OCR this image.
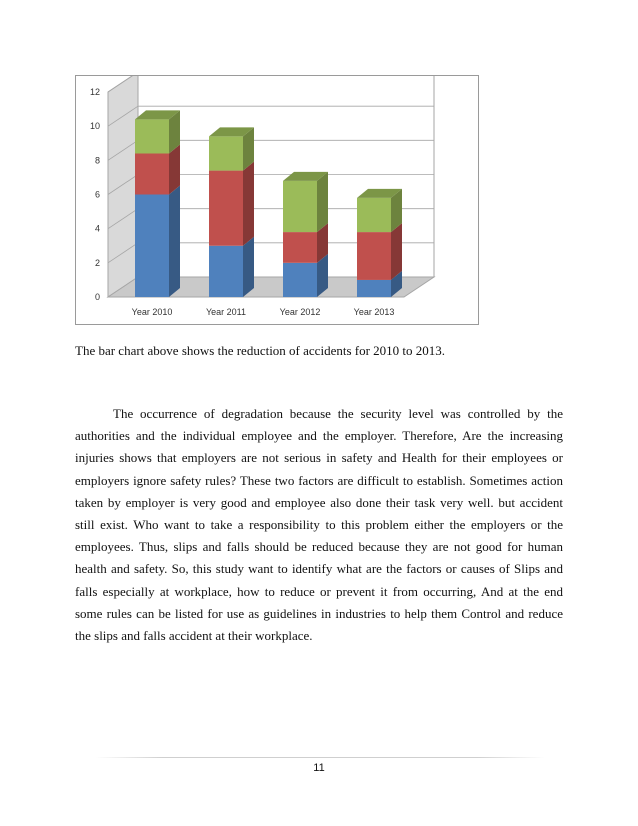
0
2
4
6
8
10
12
Year 2010	Year 2011	Year 2012	Year 2013
The bar chart above shows the reduction of accidents for 2010 to 2013.
The occurrence of degradation because the security level was controlled by the authorities and the individual employee and the employer. Therefore, Are the increasing injuries shows that employers are not serious in safety and Health for their employees or employers ignore safety rules? These two factors are difficult to establish. Sometimes action taken by employer is very good and employee also done their task very well. but accident still exist. Who want to take a responsibility to this problem either the employers or the employees. Thus, slips and falls should be reduced because they are not good for human health and safety. So, this study want to identify what are the factors or causes of Slips and falls especially at workplace, how to reduce or prevent it from occurring, And at the end some rules can be listed for use as guidelines in industries to help them Control and reduce the slips and falls accident at their workplace.
11
